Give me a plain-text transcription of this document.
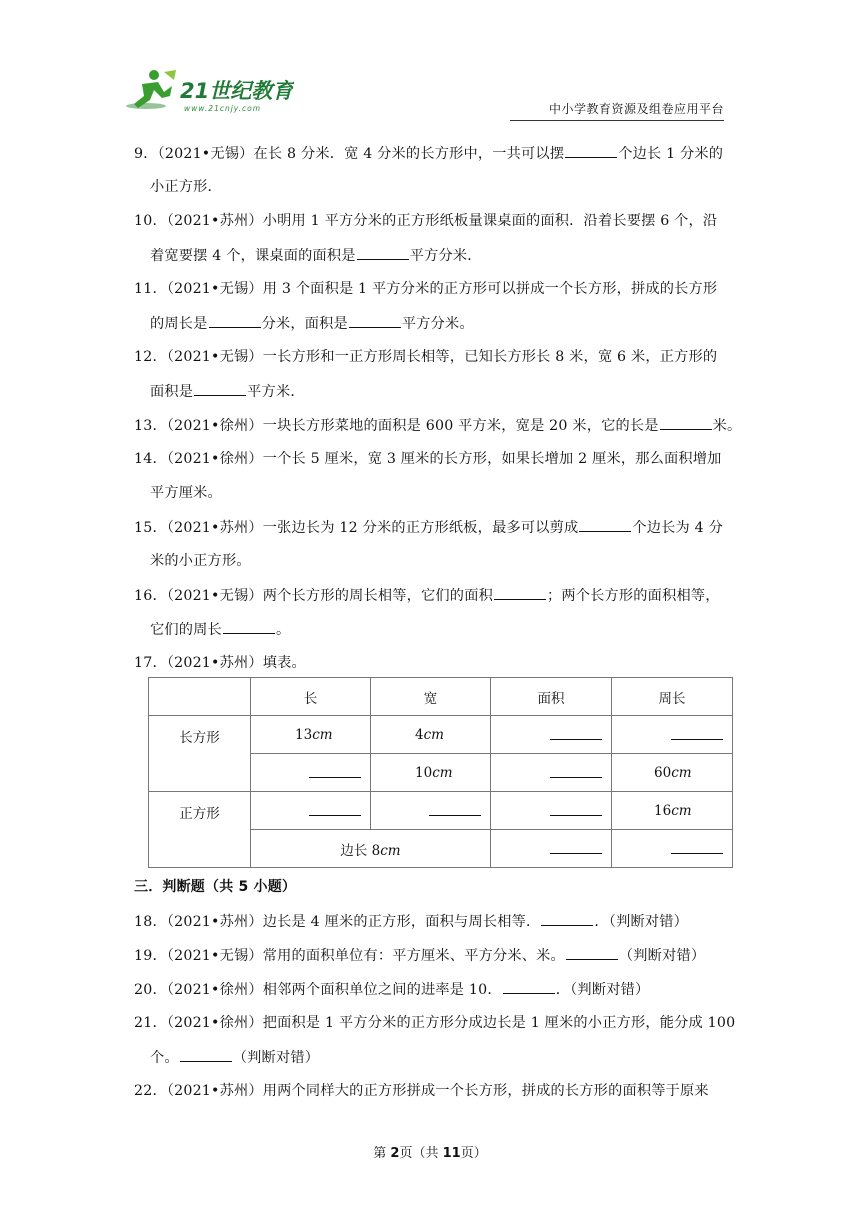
21世纪教育
www.21cnjy.com	中小学教育资源及组卷应用平台
9．（2021•无锡）在长 8 分米．宽 4 分米的长方形中，一共可以摆	个边长 1 分米的
小正方形．
10．（2021•苏州）小明用 1 平方分米的正方形纸板量课桌面的面积．沿着长要摆 6 个，沿
着宽要摆 4 个，课桌面的面积是	平方分米．
11．（2021•无锡）用 3 个面积是 1 平方分米的正方形可以拼成一个长方形，拼成的长方形
的周长是	分米，面积是	平方分米。
12．（2021•无锡）一长方形和一正方形周长相等，已知长方形长 8 米，宽 6 米，正方形的
面积是	平方米．
13．（2021•徐州）一块长方形菜地的面积是 600 平方米，宽是 20 米，它的长是	米。
14．（2021•徐州）一个长 5 厘米，宽 3 厘米的长方形，如果长增加 2 厘米，那么面积增加
平方厘米。
15．（2021•苏州）一张边长为 12 分米的正方形纸板，最多可以剪成	个边长为 4 分
米的小正方形。
16．（2021•无锡）两个长方形的周长相等，它们的面积	；两个长方形的面积相等，
它们的周长	。
17．（2021•苏州）填表。
	长	宽	面积	周长
长方形	13cm	4cm		
		10cm		60cm
正方形				16cm
	边长 8cm			
三．判断题（共 5 小题）
18．（2021•苏州）边长是 4 厘米的正方形，面积与周长相等．	．（判断对错）
19．（2021•无锡）常用的面积单位有：平方厘米、平方分米、米。	（判断对错）
20．（2021•徐州）相邻两个面积单位之间的进率是 10．	．（判断对错）
21．（2021•徐州）把面积是 1 平方分米的正方形分成边长是 1 厘米的小正方形，能分成 100
个。	（判断对错）
22．（2021•苏州）用两个同样大的正方形拼成一个长方形，拼成的长方形的面积等于原来
第 2页（共 11页）
